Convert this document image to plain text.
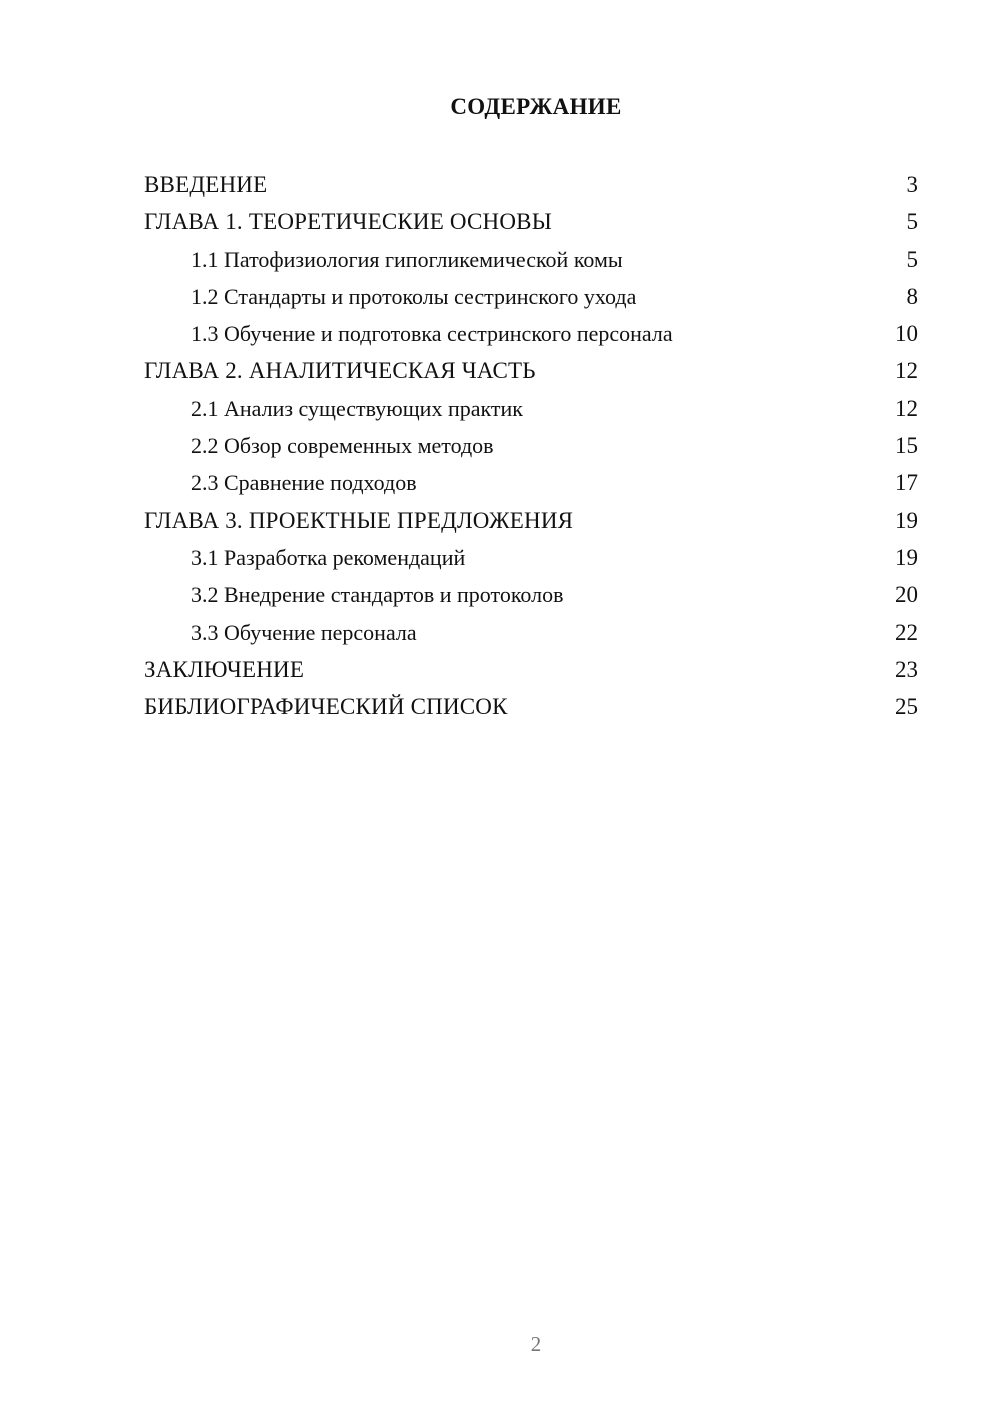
СОДЕРЖАНИЕ
ВВЕДЕНИЕ	3
ГЛАВА 1. ТЕОРЕТИЧЕСКИЕ ОСНОВЫ	5
1.1 Патофизиология гипогликемической комы	5
1.2 Стандарты и протоколы сестринского ухода	8
1.3 Обучение и подготовка сестринского персонала	10
ГЛАВА 2. АНАЛИТИЧЕСКАЯ ЧАСТЬ	12
2.1 Анализ существующих практик	12
2.2 Обзор современных методов	15
2.3 Сравнение подходов	17
ГЛАВА 3. ПРОЕКТНЫЕ ПРЕДЛОЖЕНИЯ	19
3.1 Разработка рекомендаций	19
3.2 Внедрение стандартов и протоколов	20
3.3 Обучение персонала	22
ЗАКЛЮЧЕНИЕ	23
БИБЛИОГРАФИЧЕСКИЙ СПИСОК	25
2
